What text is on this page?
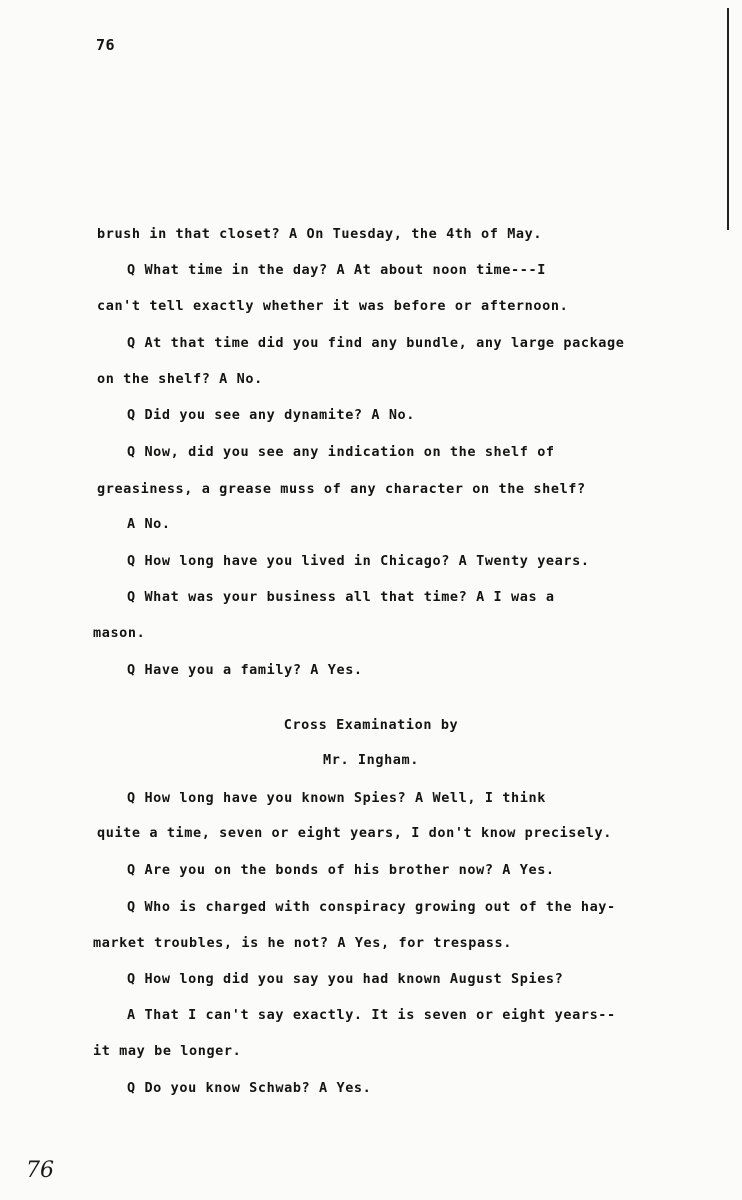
76
brush in that closet? A On Tuesday, the 4th of May.
Q What time in the day? A At about noon time---I
can't tell exactly whether it was before or afternoon.
Q At that time did you find any bundle, any large package
on the shelf? A No.
Q Did you see any dynamite? A No.
Q Now, did you see any indication on the shelf of
greasiness, a grease muss of any character on the shelf?
A No.
Q How long have you lived in Chicago? A Twenty years.
Q What was your business all that time? A I was a
mason.
Q Have you a family? A Yes.
Cross Examination by
Mr. Ingham.
Q How long have you known Spies? A Well, I think
quite a time, seven or eight years, I don't know precisely.
Q Are you on the bonds of his brother now? A Yes.
Q Who is charged with conspiracy growing out of the hay-
market troubles, is he not? A Yes, for trespass.
Q How long did you say you had known August Spies?
A That I can't say exactly. It is seven or eight years--
it may be longer.
Q Do you know Schwab? A Yes.
76
